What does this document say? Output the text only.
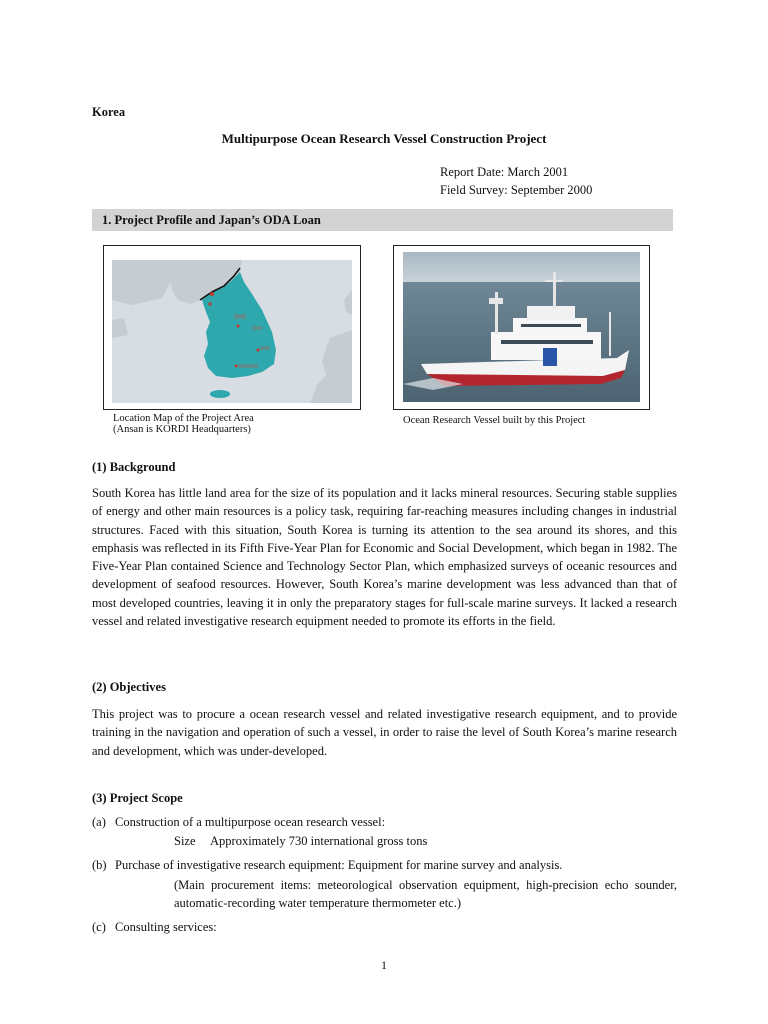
Korea
Multipurpose Ocean Research Vessel Construction Project
Report Date: March 2001
Field Survey: September 2000
1. Project Profile and Japan’s ODA Loan
Location Map of the Project Area
(Ansan is KORDI Headquarters)
Ocean Research Vessel built by this Project
(1) Background
South Korea has little land area for the size of its population and it lacks mineral resources. Securing stable supplies of energy and other main resources is a policy task, requiring far-reaching measures including changes in industrial structures. Faced with this situation, South Korea is turning its attention to the sea around its shores, and this emphasis was reflected in its Fifth Five-Year Plan for Economic and Social Development, which began in 1982. The Five-Year Plan contained Science and Technology Sector Plan, which emphasized surveys of oceanic resources and development of seafood resources. However, South Korea’s marine development was less advanced than that of most developed countries, leaving it in only the preparatory stages for full-scale marine surveys. It lacked a research vessel and related investigative research equipment needed to promote its efforts in the field.
(2) Objectives
This project was to procure a ocean research vessel and related investigative research equipment, and to provide training in the navigation and operation of such a vessel, in order to raise the level of South Korea’s marine research and development, which was under-developed.
(3) Project Scope
(a) Construction of a multipurpose ocean research vessel:
Size Approximately 730 international gross tons
(b) Purchase of investigative research equipment: Equipment for marine survey and analysis.
(Main procurement items: meteorological observation equipment, high-precision echo sounder, automatic-recording water temperature thermometer etc.)
(c) Consulting services:
1
